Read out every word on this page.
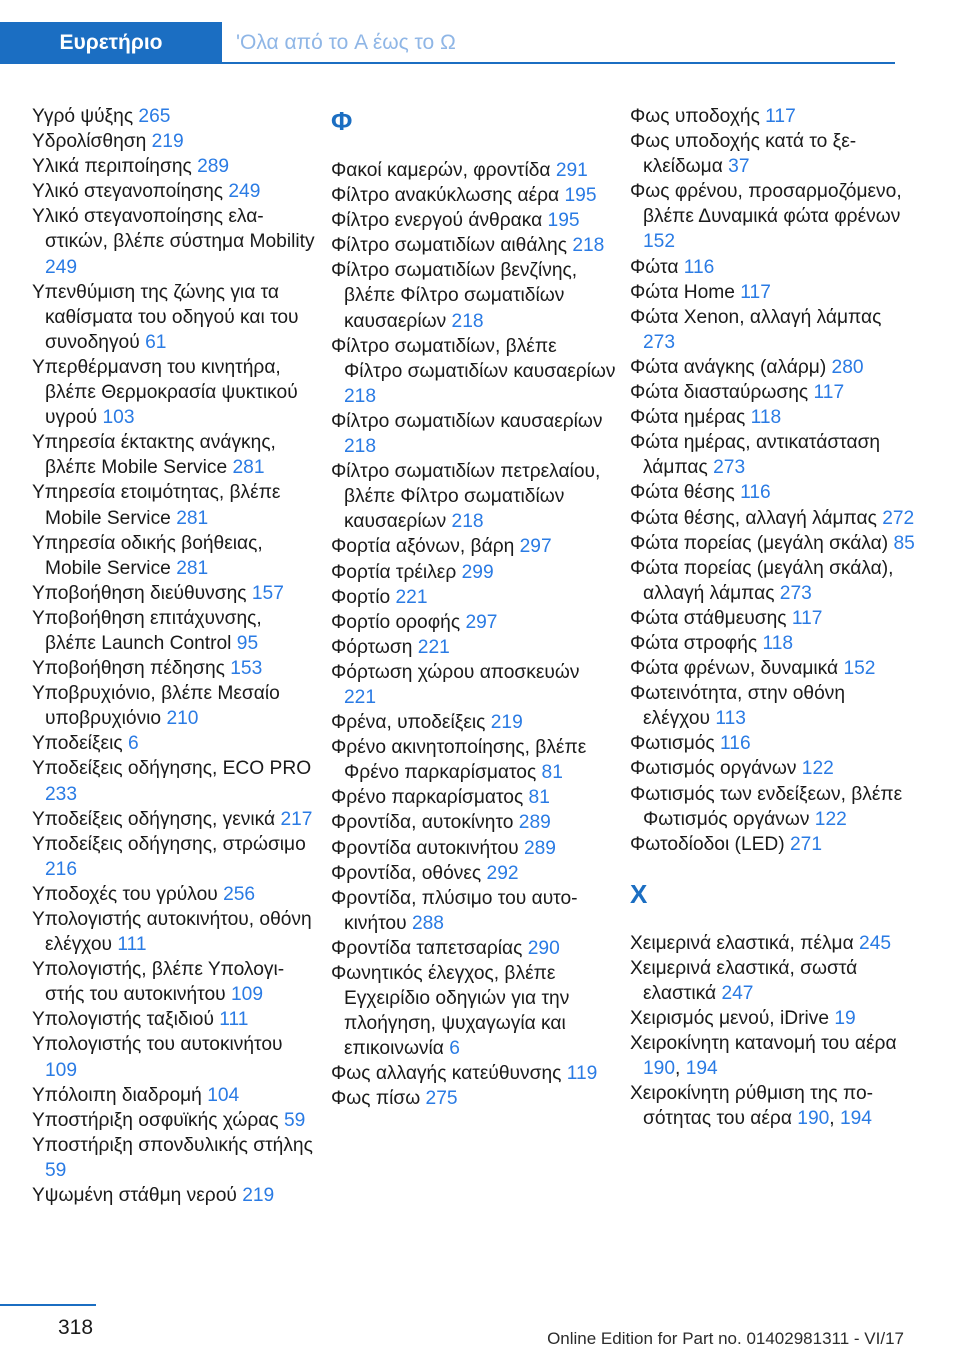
Ευρετήριο	'Ολα από το A έως το Ω
Υγρό ψύξης 265
Υδρολίσθηση 219
Υλικά περιποίησης 289
Υλικό στεγανοποίησης 249
Υλικό στεγανοποίησης ελαστικών, βλέπε σύστημα Mobility 249
Υπενθύμιση της ζώνης για τα καθίσματα του οδηγού και του συνοδηγού 61
Υπερθέρμανση του κινητήρα, βλέπε Θερμοκρασία ψυκτικού υγρού 103
Υπηρεσία έκτακτης ανάγκης, βλέπε Mobile Service 281
Υπηρεσία ετοιμότητας, βλέπε Mobile Service 281
Υπηρεσία οδικής βοήθειας, Mobile Service 281
Υποβοήθηση διεύθυνσης 157
Υποβοήθηση επιτάχυνσης, βλέπε Launch Control 95
Υποβοήθηση πέδησης 153
Υποβρυχιόνιο, βλέπε Μεσαίο υποβρυχιόνιο 210
Υποδείξεις 6
Υποδείξεις οδήγησης, ECO PRO 233
Υποδείξεις οδήγησης, γενικά 217
Υποδείξεις οδήγησης, στρώσιμο 216
Υποδοχές του γρύλου 256
Υπολογιστής αυτοκινήτου, οθόνη ελέγχου 111
Υπολογιστής, βλέπε Υπολογιστής του αυτοκινήτου 109
Υπολογιστής ταξιδιού 111
Υπολογιστής του αυτοκινήτου 109
Υπόλοιπη διαδρομή 104
Υποστήριξη οσφυϊκής χώρας 59
Υποστήριξη σπονδυλικής στήλης 59
Υψωμένη στάθμη νερού 219
Φ
Φακοί καμερών, φροντίδα 291
Φίλτρο ανακύκλωσης αέρα 195
Φίλτρο ενεργού άνθρακα 195
Φίλτρο σωματιδίων αιθάλης 218
Φίλτρο σωματιδίων βενζίνης, βλέπε Φίλτρο σωματιδίων καυσαερίων 218
Φίλτρο σωματιδίων, βλέπε Φίλτρο σωματιδίων καυσαερίων 218
Φίλτρο σωματιδίων καυσαερίων 218
Φίλτρο σωματιδίων πετρελαίου, βλέπε Φίλτρο σωματιδίων καυσαερίων 218
Φορτία αξόνων, βάρη 297
Φορτία τρέιλερ 299
Φορτίο 221
Φορτίο οροφής 297
Φόρτωση 221
Φόρτωση χώρου αποσκευών 221
Φρένα, υποδείξεις 219
Φρένο ακινητοποίησης, βλέπε Φρένο παρκαρίσματος 81
Φρένο παρκαρίσματος 81
Φροντίδα, αυτοκίνητο 289
Φροντίδα αυτοκινήτου 289
Φροντίδα, οθόνες 292
Φροντίδα, πλύσιμο του αυτοκινήτου 288
Φροντίδα ταπετσαρίας 290
Φωνητικός έλεγχος, βλέπε Εγχειρίδιο οδηγιών για την πλοήγηση, ψυχαγωγία και επικοινωνία 6
Φως αλλαγής κατεύθυνσης 119
Φως πίσω 275
Φως υποδοχής 117
Φως υποδοχής κατά το ξεκλείδωμα 37
Φως φρένου, προσαρμοζόμενο, βλέπε Δυναμικά φώτα φρένων 152
Φώτα 116
Φώτα Home 117
Φώτα Xenon, αλλαγή λάμπας 273
Φώτα ανάγκης (αλάρμ) 280
Φώτα διασταύρωσης 117
Φώτα ημέρας 118
Φώτα ημέρας, αντικατάσταση λάμπας 273
Φώτα θέσης 116
Φώτα θέσης, αλλαγή λάμπας 272
Φώτα πορείας (μεγάλη σκάλα) 85
Φώτα πορείας (μεγάλη σκάλα), αλλαγή λάμπας 273
Φώτα στάθμευσης 117
Φώτα στροφής 118
Φώτα φρένων, δυναμικά 152
Φωτεινότητα, στην οθόνη ελέγχου 113
Φωτισμός 116
Φωτισμός οργάνων 122
Φωτισμός των ενδείξεων, βλέπε Φωτισμός οργάνων 122
Φωτοδίοδοι (LED) 271
Χ
Χειμερινά ελαστικά, πέλμα 245
Χειμερινά ελαστικά, σωστά ελαστικά 247
Χειρισμός μενού, iDrive 19
Χειροκίνητη κατανομή του αέρα 190, 194
Χειροκίνητη ρύθμιση της ποσότητας του αέρα 190, 194
318	Online Edition for Part no. 01402981311 - VI/17
